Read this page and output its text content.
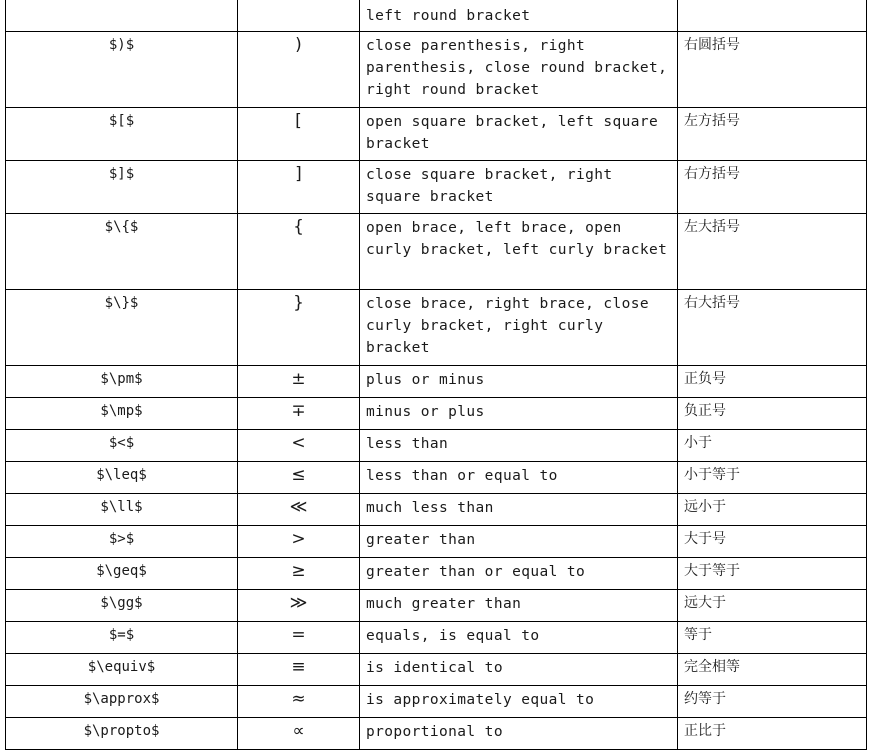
		left round bracket	
$)$	)	close parenthesis, right parenthesis, close round bracket, right round bracket	右圆括号
$[$	[	open square bracket, left square bracket	左方括号
$]$	]	close square bracket, right square bracket	右方括号
$\{$	{	open brace, left brace, open curly bracket, left curly bracket	左大括号
$\}$	}	close brace, right brace, close curly bracket, right curly bracket	右大括号
$\pm$	±	plus or minus	正负号
$\mp$	∓	minus or plus	负正号
$<$	<	less than	小于
$\leq$	≤	less than or equal to	小于等于
$\ll$	≪	much less than	远小于
$>$	>	greater than	大于号
$\geq$	≥	greater than or equal to	大于等于
$\gg$	≫	much greater than	远大于
$=$	=	equals, is equal to	等于
$\equiv$	≡	is identical to	完全相等
$\approx$	≈	is approximately equal to	约等于
$\propto$	∝	proportional to	正比于
